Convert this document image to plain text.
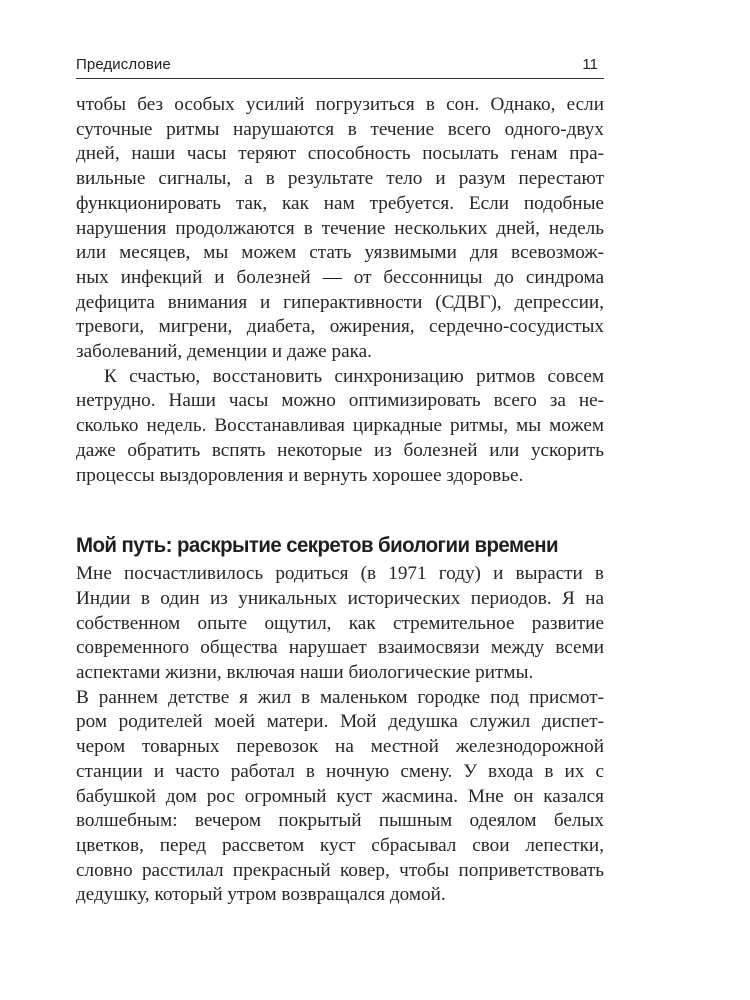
Предисловие	11

чтобы без особых усилий погрузиться в сон. Однако, если
суточные ритмы нарушаются в течение всего одного-двух
дней, наши часы теряют способность посылать генам пра-
вильные сигналы, а в результате тело и разум перестают
функционировать так, как нам требуется. Если подобные
нарушения продолжаются в течение нескольких дней, недель
или месяцев, мы можем стать уязвимыми для всевозмож-
ных инфекций и болезней — от бессонницы до синдрома
дефицита внимания и гиперактивности (СДВГ), депрессии,
тревоги, мигрени, диабета, ожирения, сердечно-сосудистых
заболеваний, деменции и даже рака.

К счастью, восстановить синхронизацию ритмов совсем
нетрудно. Наши часы можно оптимизировать всего за не-
сколько недель. Восстанавливая циркадные ритмы, мы можем
даже обратить вспять некоторые из болезней или ускорить
процессы выздоровления и вернуть хорошее здоровье.

Мой путь: раскрытие секретов биологии времени

Мне посчастливилось родиться (в 1971 году) и вырасти в
Индии в один из уникальных исторических периодов. Я на
собственном опыте ощутил, как стремительное развитие
современного общества нарушает взаимосвязи между всеми
аспектами жизни, включая наши биологические ритмы.
В раннем детстве я жил в маленьком городке под присмот-
ром родителей моей матери. Мой дедушка служил диспет-
чером товарных перевозок на местной железнодорожной
станции и часто работал в ночную смену. У входа в их с
бабушкой дом рос огромный куст жасмина. Мне он казался
волшебным: вечером покрытый пышным одеялом белых
цветков, перед рассветом куст сбрасывал свои лепестки,
словно расстилал прекрасный ковер, чтобы поприветствовать
дедушку, который утром возвращался домой.
